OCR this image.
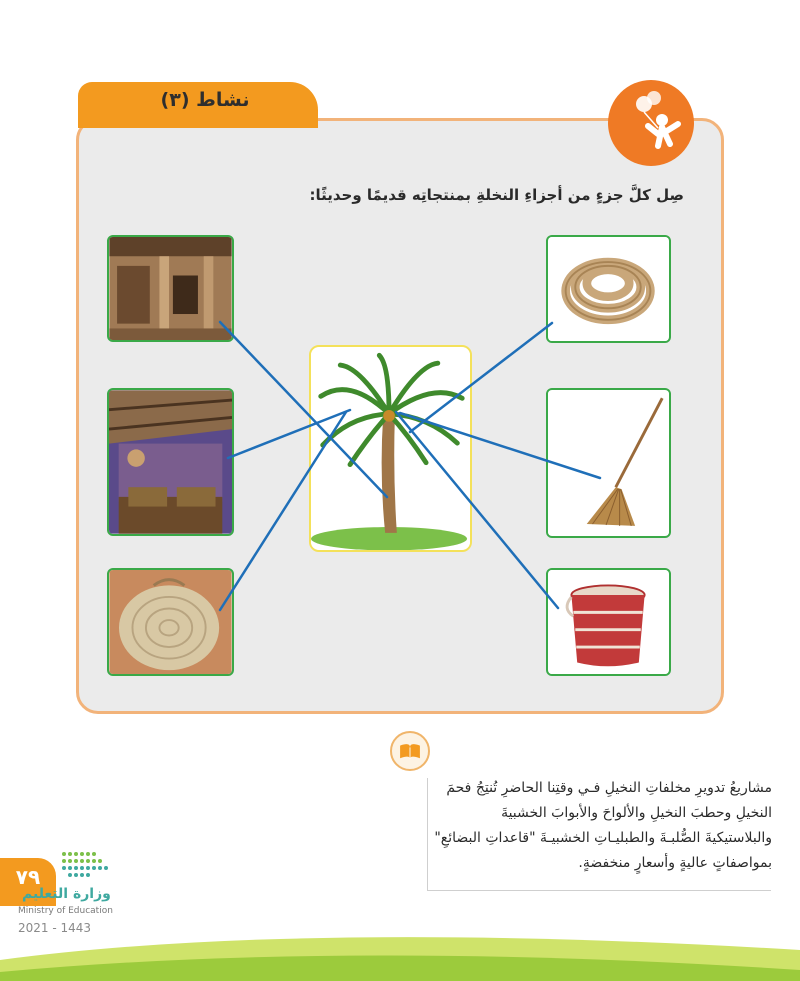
نشاط (٣)
صِل كلَّ جزءٍ من أجزاءِ النخلةِ بمنتجاتِه قديمًا وحديثًا:
مشاريعُ تدويرِ مخلفاتِ النخيلِ فـي وقتِنا الحاضرِ تُنتِجُ فحمَ النخيلِ وحطبَ النخيلِ والألواحَ والأبوابَ الخشبيةَ والبلاستيكيةَ الصُّلبـةَ والطبليـاتِ الخشبيـةَ "قاعداتِ البضائعِ" بمواصفاتٍ عاليةٍ وأسعارٍ منخفضةٍ.
٧٩
وزارة التعليم
Ministry of Education
2021 - 1443
